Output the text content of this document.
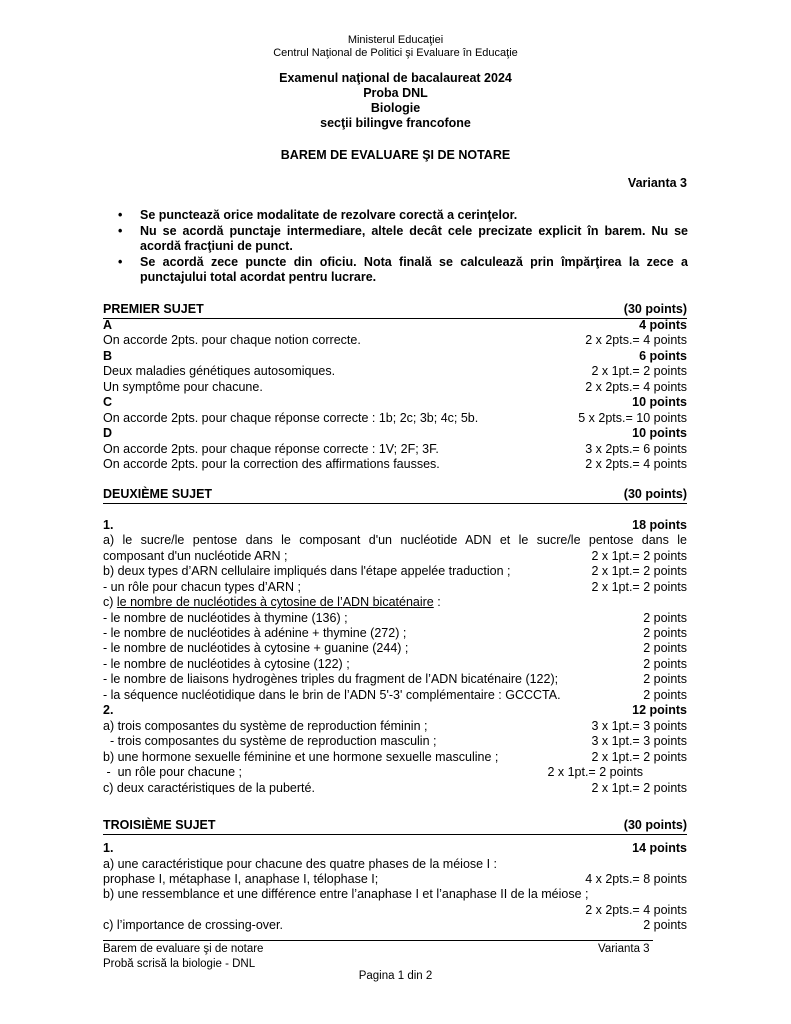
Ministerul Educaţiei
Centrul Naţional de Politici şi Evaluare în Educaţie
Examenul naţional de bacalaureat 2024
Proba DNL
Biologie
secţii bilingve francofone
BAREM DE EVALUARE ŞI DE NOTARE
Varianta 3
• Se punctează orice modalitate de rezolvare corectă a cerinţelor.
• Nu se acordă punctaje intermediare, altele decât cele precizate explicit în barem. Nu se acordă fracţiuni de punct.
• Se acordă zece puncte din oficiu. Nota finală se calculează prin împărţirea la zece a punctajului total acordat pentru lucrare.
PREMIER SUJET	(30 points)
A	4 points
On accorde 2pts. pour chaque notion correcte.	2 x 2pts.= 4 points
B	6 points
Deux maladies génétiques autosomiques.	2 x 1pt.= 2 points
Un symptôme pour chacune.	2 x 2pts.= 4 points
C	10 points
On accorde 2pts. pour chaque réponse correcte : 1b; 2c; 3b; 4c; 5b.	5 x 2pts.= 10 points
D	10 points
On accorde 2pts. pour chaque réponse correcte : 1V; 2F; 3F.	3 x 2pts.= 6 points
On accorde 2pts. pour la correction des affirmations fausses.	2 x 2pts.= 4 points
DEUXIÈME SUJET	(30 points)
1.	18 points
a) le sucre/le pentose dans le composant d'un nucléotide ADN et le sucre/le pentose dans le
composant d'un nucléotide ARN ;	2 x 1pt.= 2 points
b) deux types d’ARN cellulaire impliqués dans l'étape appelée traduction ;	2 x 1pt.= 2 points
- un rôle pour chacun types d’ARN ;	2 x 1pt.= 2 points
c) le nombre de nucléotides à cytosine de l’ADN bicaténaire :
- le nombre de nucléotides à thymine (136) ;	2 points
- le nombre de nucléotides à adénine + thymine (272) ;	2 points
- le nombre de nucléotides à cytosine + guanine (244) ;	2 points
- le nombre de nucléotides à cytosine (122) ;	2 points
- le nombre de liaisons hydrogènes triples du fragment de l’ADN bicaténaire (122);	2 points
- la séquence nucléotidique dans le brin de l’ADN 5'-3' complémentaire : GCCCTA.	2 points
2.	12 points
a) trois composantes du système de reproduction féminin ;	3 x 1pt.= 3 points
- trois composantes du système de reproduction masculin ;	3 x 1pt.= 3 points
b) une hormone sexuelle féminine et une hormone sexuelle masculine ;	2 x 1pt.= 2 points
-  un rôle pour chacune ;	2 x 1pt.= 2 points
c) deux caractéristiques de la puberté.	2 x 1pt.= 2 points
TROISIÈME SUJET	(30 points)
1.	14 points
a) une caractéristique pour chacune des quatre phases de la méiose I :
prophase I, métaphase I, anaphase I, télophase I;	4 x 2pts.= 8 points
b) une ressemblance et une différence entre l’anaphase I et l’anaphase II de la méiose ;
2 x 2pts.= 4 points
c) l’importance de crossing-over.	2 points
Barem de evaluare şi de notare
Probă scrisă la biologie - DNL
Varianta 3
Pagina 1 din 2
